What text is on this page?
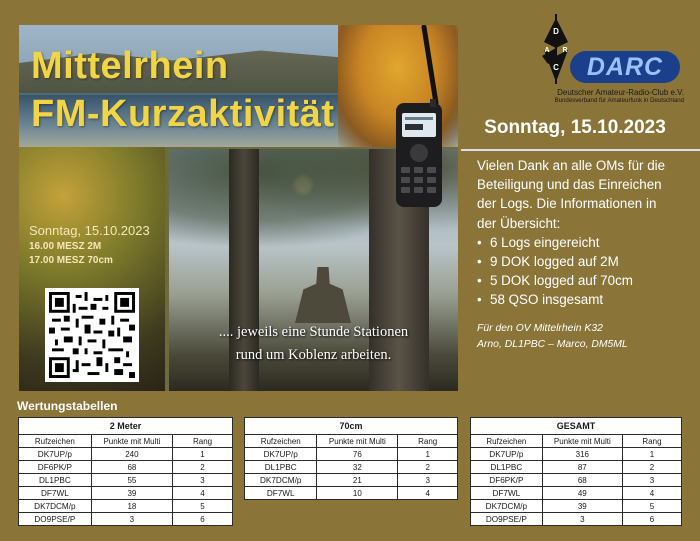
Mittelrhein
FM-Kurzaktivität
Sonntag, 15.10.2023
16.00 MESZ 2M
17.00 MESZ 70cm
.... jeweils eine Stunde Stationen
rund um Koblenz arbeiten.
D
A R
C	DARC
Deutscher Amateur-Radio-Club e.V.
Bundesverband für Amateurfunk in Deutschland
Sonntag, 15.10.2023
Vielen Dank an alle OMs für die
Beteiligung und das Einreichen
der Logs. Die Informationen in
der Übersicht:
• 6 Logs eingereicht
• 9 DOK logged auf 2M
• 5 DOK logged auf 70cm
• 58 QSO insgesamt
Für den OV Mittelrhein K32
Arno, DL1PBC – Marco, DM5ML
Wertungstabellen
2 Meter		
Rufzeichen	Punkte mit Multi	Rang
DK7UP/p	240	1
DF6PK/P	68	2
DL1PBC	55	3
DF7WL	39	4
DK7DCM/p	18	5
DO9PSE/P	3	6
70cm		
Rufzeichen	Punkte mit Multi	Rang
DK7UP/p	76	1
DL1PBC	32	2
DK7DCM/p	21	3
DF7WL	10	4
GESAMT		
Rufzeichen	Punkte mit Multi	Rang
DK7UP/p	316	1
DL1PBC	87	2
DF6PK/P	68	3
DF7WL	49	4
DK7DCM/p	39	5
DO9PSE/P	3	6
